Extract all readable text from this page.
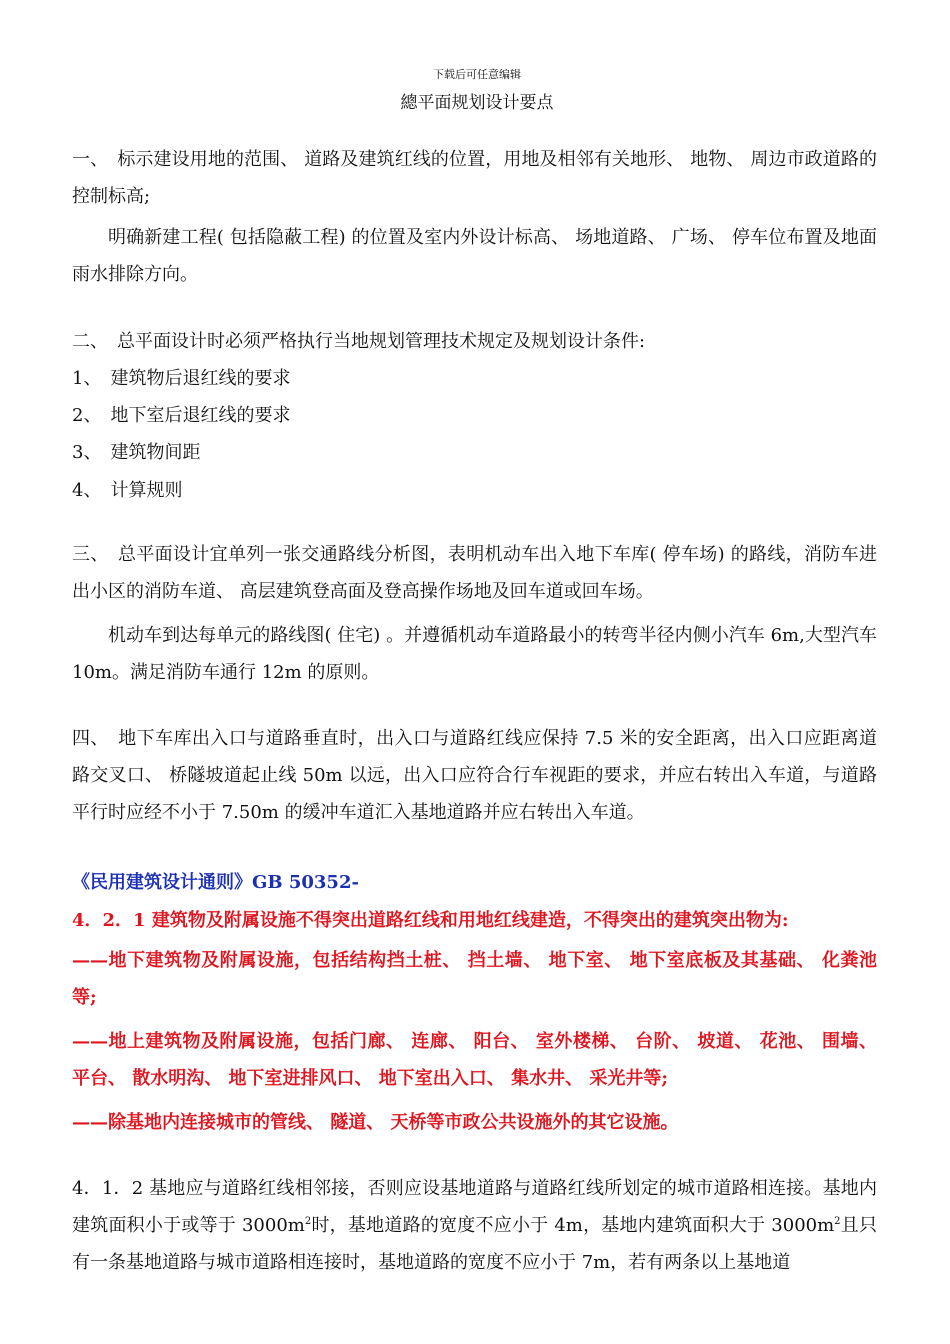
下载后可任意编辑
總平面规划设计要点

一、　标示建设用地的范围、 道路及建筑红线的位置，用地及相邻有关地形、 地物、 周边市政道路的控制标高;

明确新建工程( 包括隐蔽工程) 的位置及室内外设计标高、 场地道路、 广场、 停车位布置及地面雨水排除方向。

二、　总平面设计时必须严格执行当地规划管理技术规定及规划设计条件:

1、　建筑物后退红线的要求

2、　地下室后退红线的要求

3、　建筑物间距

4、　计算规则

三、　总平面设计宜单列一张交通路线分析图，表明机动车出入地下车库( 停车场) 的路线，消防车进出小区的消防车道、 高层建筑登高面及登高操作场地及回车道或回车场。

机动车到达每单元的路线图( 住宅) 。并遵循机动车道路最小的转弯半径内侧小汽车 6m,大型汽车 10m。满足消防车通行 12m 的原则。

四、　地下车库出入口与道路垂直时，出入口与道路红线应保持 7.5 米的安全距离，出入口应距离道路交叉口、 桥隧坡道起止线 50m 以远，出入口应符合行车视距的要求，并应右转出入车道，与道路平行时应经不小于 7.50m 的缓冲车道汇入基地道路并应右转出入车道。

《民用建筑设计通则》GB 50352-

4．2．1 建筑物及附属设施不得突出道路红线和用地红线建造，不得突出的建筑突出物为:

——地下建筑物及附属设施，包括结构挡土桩、 挡土墙、 地下室、 地下室底板及其基础、 化粪池等;

——地上建筑物及附属设施，包括门廊、 连廊、 阳台、 室外楼梯、 台阶、 坡道、 花池、 围墙、 平台、 散水明沟、 地下室进排风口、 地下室出入口、 集水井、 采光井等;

——除基地内连接城市的管线、 隧道、 天桥等市政公共设施外的其它设施。

4．1．2 基地应与道路红线相邻接，否则应设基地道路与道路红线所划定的城市道路相连接。基地内建筑面积小于或等于 $3000m^2$时，基地道路的宽度不应小于 4m，基地内建筑面积大于 $3000m^2$且只有一条基地道路与城市道路相连接时，基地道路的宽度不应小于 7m，若有两条以上基地道
